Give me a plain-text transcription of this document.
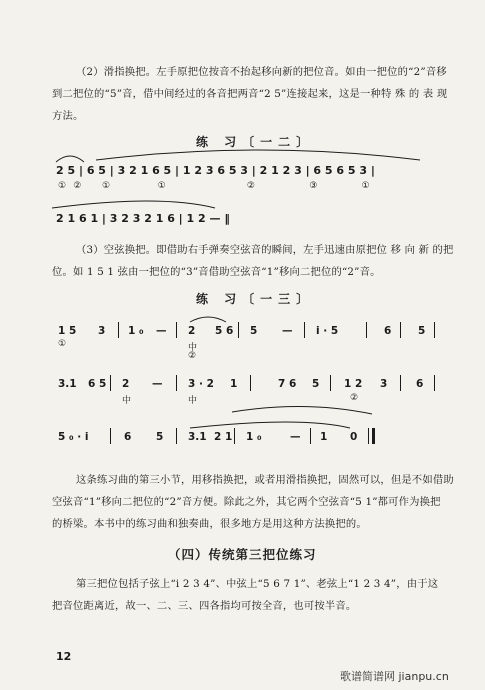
（2）滑指换把。左手原把位按音不抬起移向新的把位音。如由一把位的“2”音移
到二把位的“5”音，借中间经过的各音把两音“2 5”连接起来，这是一种特 殊 的 表 现
方法。
练 习〔一二〕
2 5 | 6 5 | 3 2 1 6 5 | 1 2 3 6 5 3 | 2 1 2 3 | 6 5 6 5 3 |
①  ②      ①              ①                        ②                ③             ①
2 1 6 1 | 3 2 3 2 1 6 | 1 2 — ‖
（3）空弦换把。即借助右手弹奏空弦音的瞬间，左手迅速由原把位 移 向 新 的把
位。如 1 5 1 弦由一把位的“3”音借助空弦音“1”移向二把位的“2”音。
练 习〔一三〕
1 5 3 1 ₀ — 2 5 6 5 — i · 5	6	5
①	中
②
3.1 6 5 2 — 3 · 2 1	7 6 5 1 2 3	6
中	中	②
5 ₀ · i	6 5 3.1 2 1 1 ₀	— 1 0
这条练习曲的第三小节，用移指换把，或者用滑指换把，固然可以，但是不如借助
空弦音“1”移向二把位的“2”音方便。除此之外，其它两个空弦音“5 1”都可作为换把
的桥梁。本书中的练习曲和独奏曲，很多地方是用这种方法换把的。
（四）传统第三把位练习
第三把位包括子弦上“i 2 3 4”、中弦上“5 6 7 1”、老弦上“1 2 3 4”，由于这
把音位距离近，故一、二、三、四各指均可按全音，也可按半音。
12
歌谱简谱网 jianpu.cn
